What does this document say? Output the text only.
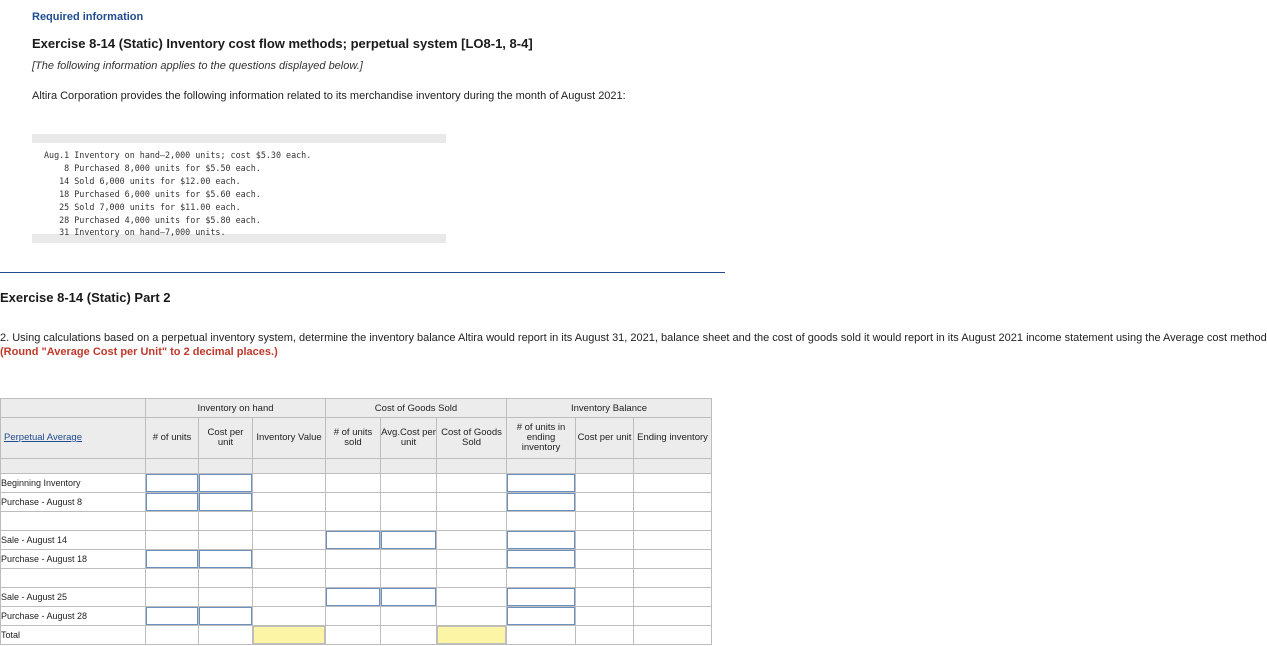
Required information
Exercise 8-14 (Static) Inventory cost flow methods; perpetual system [LO8-1, 8-4]
[The following information applies to the questions displayed below.]
Altira Corporation provides the following information related to its merchandise inventory during the month of August 2021:
Aug.1 Inventory on hand—2,000 units; cost $5.30 each.
8 Purchased 8,000 units for $5.50 each.
14 Sold 6,000 units for $12.00 each.
18 Purchased 6,000 units for $5.60 each.
25 Sold 7,000 units for $11.00 each.
28 Purchased 4,000 units for $5.80 each.
31 Inventory on hand—7,000 units.
Exercise 8-14 (Static) Part 2
2. Using calculations based on a perpetual inventory system, determine the inventory balance Altira would report in its August 31, 2021, balance sheet and the cost of goods sold it would report in its August 2021 income statement using the Average cost method
(Round "Average Cost per Unit" to 2 decimal places.)
	Inventory on hand			Cost of Goods Sold			Inventory Balance		
Perpetual Average	# of units	Cost per unit	Inventory Value	# of units sold	Avg.Cost per unit	Cost of Goods Sold	# of units in ending inventory	Cost per unit	Ending inventory

Beginning Inventory	

Purchase - August 8	

Sale - August 14				

Purchase - August 18	

Sale - August 25				

Purchase - August 28	

Total			
